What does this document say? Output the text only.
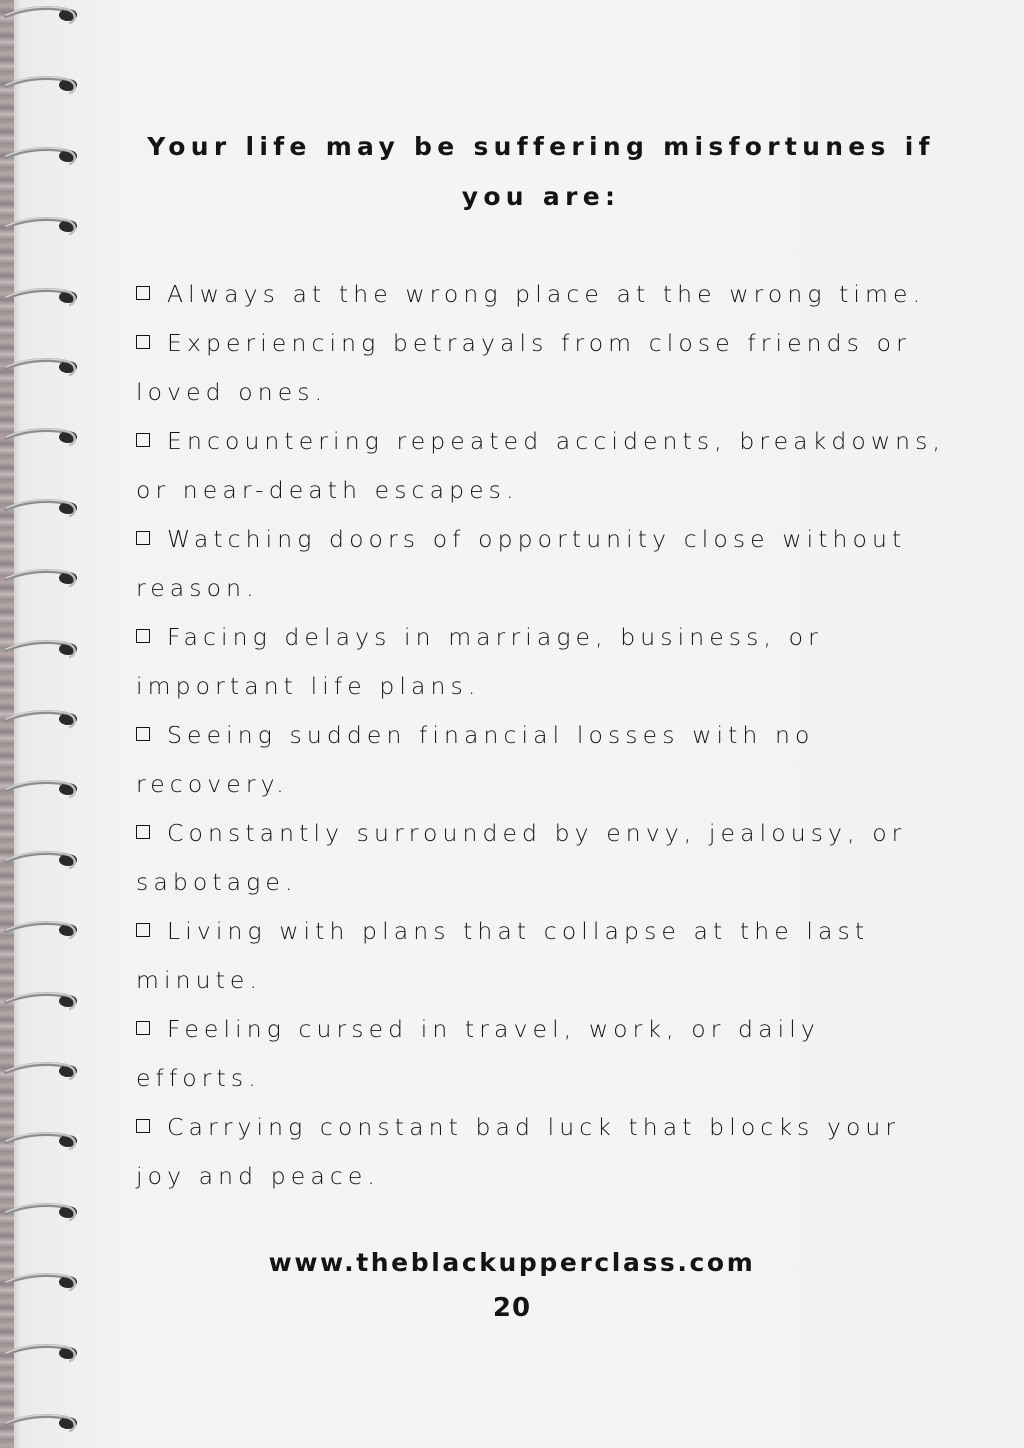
Your life may be suffering misfortunes if you are:
Always at the wrong place at the wrong time.
Experiencing betrayals from close friends or loved ones.
Encountering repeated accidents, breakdowns, or near-death escapes.
Watching doors of opportunity close without reason.
Facing delays in marriage, business, or important life plans.
Seeing sudden financial losses with no recovery.
Constantly surrounded by envy, jealousy, or sabotage.
Living with plans that collapse at the last minute.
Feeling cursed in travel, work, or daily efforts.
Carrying constant bad luck that blocks your joy and peace.

www.theblackupperclass.com

20
